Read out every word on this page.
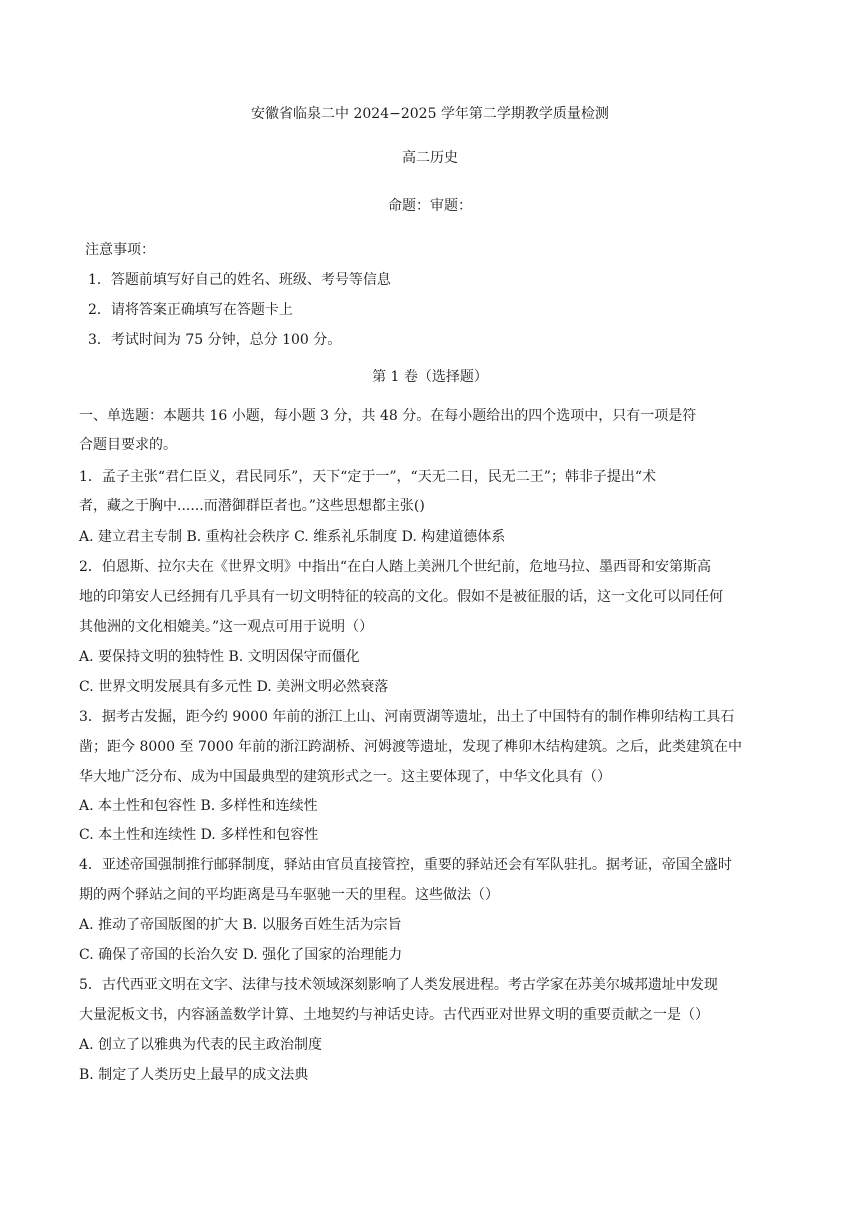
安徽省临泉二中 2024−2025 学年第二学期教学质量检测
高二历史
命题：审题：
注意事项：
1．答题前填写好自己的姓名、班级、考号等信息
2．请将答案正确填写在答题卡上
3．考试时间为 75 分钟，总分 100 分。
第 1 卷（选择题）
一、单选题：本题共 16 小题，每小题 3 分，共 48 分。在每小题给出的四个选项中，只有一项是符
合题目要求的。
1．孟子主张“君仁臣义，君民同乐”，天下“定于一”，“天无二日，民无二王”；韩非子提出“术
者，藏之于胸中......而潜御群臣者也。”这些思想都主张()
A. 建立君主专制 B. 重构社会秩序 C. 维系礼乐制度 D. 构建道德体系
2．伯恩斯、拉尔夫在《世界文明》中指出“在白人踏上美洲几个世纪前，危地马拉、墨西哥和安第斯高
地的印第安人已经拥有几乎具有一切文明特征的较高的文化。假如不是被征服的话，这一文化可以同任何
其他洲的文化相媲美。”这一观点可用于说明（）
A. 要保持文明的独特性 B. 文明因保守而僵化
C. 世界文明发展具有多元性 D. 美洲文明必然衰落
3．据考古发掘，距今约 9000 年前的浙江上山、河南贾湖等遗址，出土了中国特有的制作榫卯结构工具石
凿；距今 8000 至 7000 年前的浙江跨湖桥、河姆渡等遗址，发现了榫卯木结构建筑。之后，此类建筑在中
华大地广泛分布、成为中国最典型的建筑形式之一。这主要体现了，中华文化具有（）
A. 本土性和包容性 B. 多样性和连续性
C. 本土性和连续性 D. 多样性和包容性
4．亚述帝国强制推行邮驿制度，驿站由官员直接管控，重要的驿站还会有军队驻扎。据考证，帝国全盛时
期的两个驿站之间的平均距离是马车驱驰一天的里程。这些做法（）
A. 推动了帝国版图的扩大 B. 以服务百姓生活为宗旨
C. 确保了帝国的长治久安 D. 强化了国家的治理能力
5．古代西亚文明在文字、法律与技术领域深刻影响了人类发展进程。考古学家在苏美尔城邦遗址中发现
大量泥板文书，内容涵盖数学计算、土地契约与神话史诗。古代西亚对世界文明的重要贡献之一是（）
A. 创立了以雅典为代表的民主政治制度
B. 制定了人类历史上最早的成文法典
